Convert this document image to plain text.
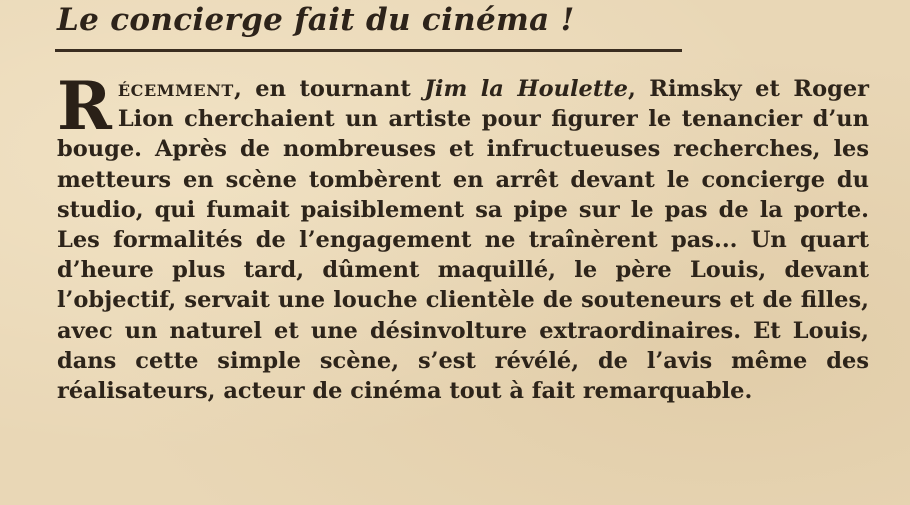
Le concierge fait du cinéma !

Récemment, en tournant Jim la Houlette, Rimsky et Roger Lion cherchaient un artiste pour figurer le tenancier d’un bouge. Après de nombreuses et infructueuses recherches, les metteurs en scène tombèrent en arrêt devant le concierge du studio, qui fumait paisiblement sa pipe sur le pas de la porte. Les formalités de l’engagement ne traînèrent pas... Un quart d’heure plus tard, dûment maquillé, le père Louis, devant l’objectif, servait une louche clientèle de souteneurs et de filles, avec un naturel et une désinvolture extraordinaires. Et Louis, dans cette simple scène, s’est révélé, de l’avis même des réalisateurs, acteur de cinéma tout à fait remarquable.
